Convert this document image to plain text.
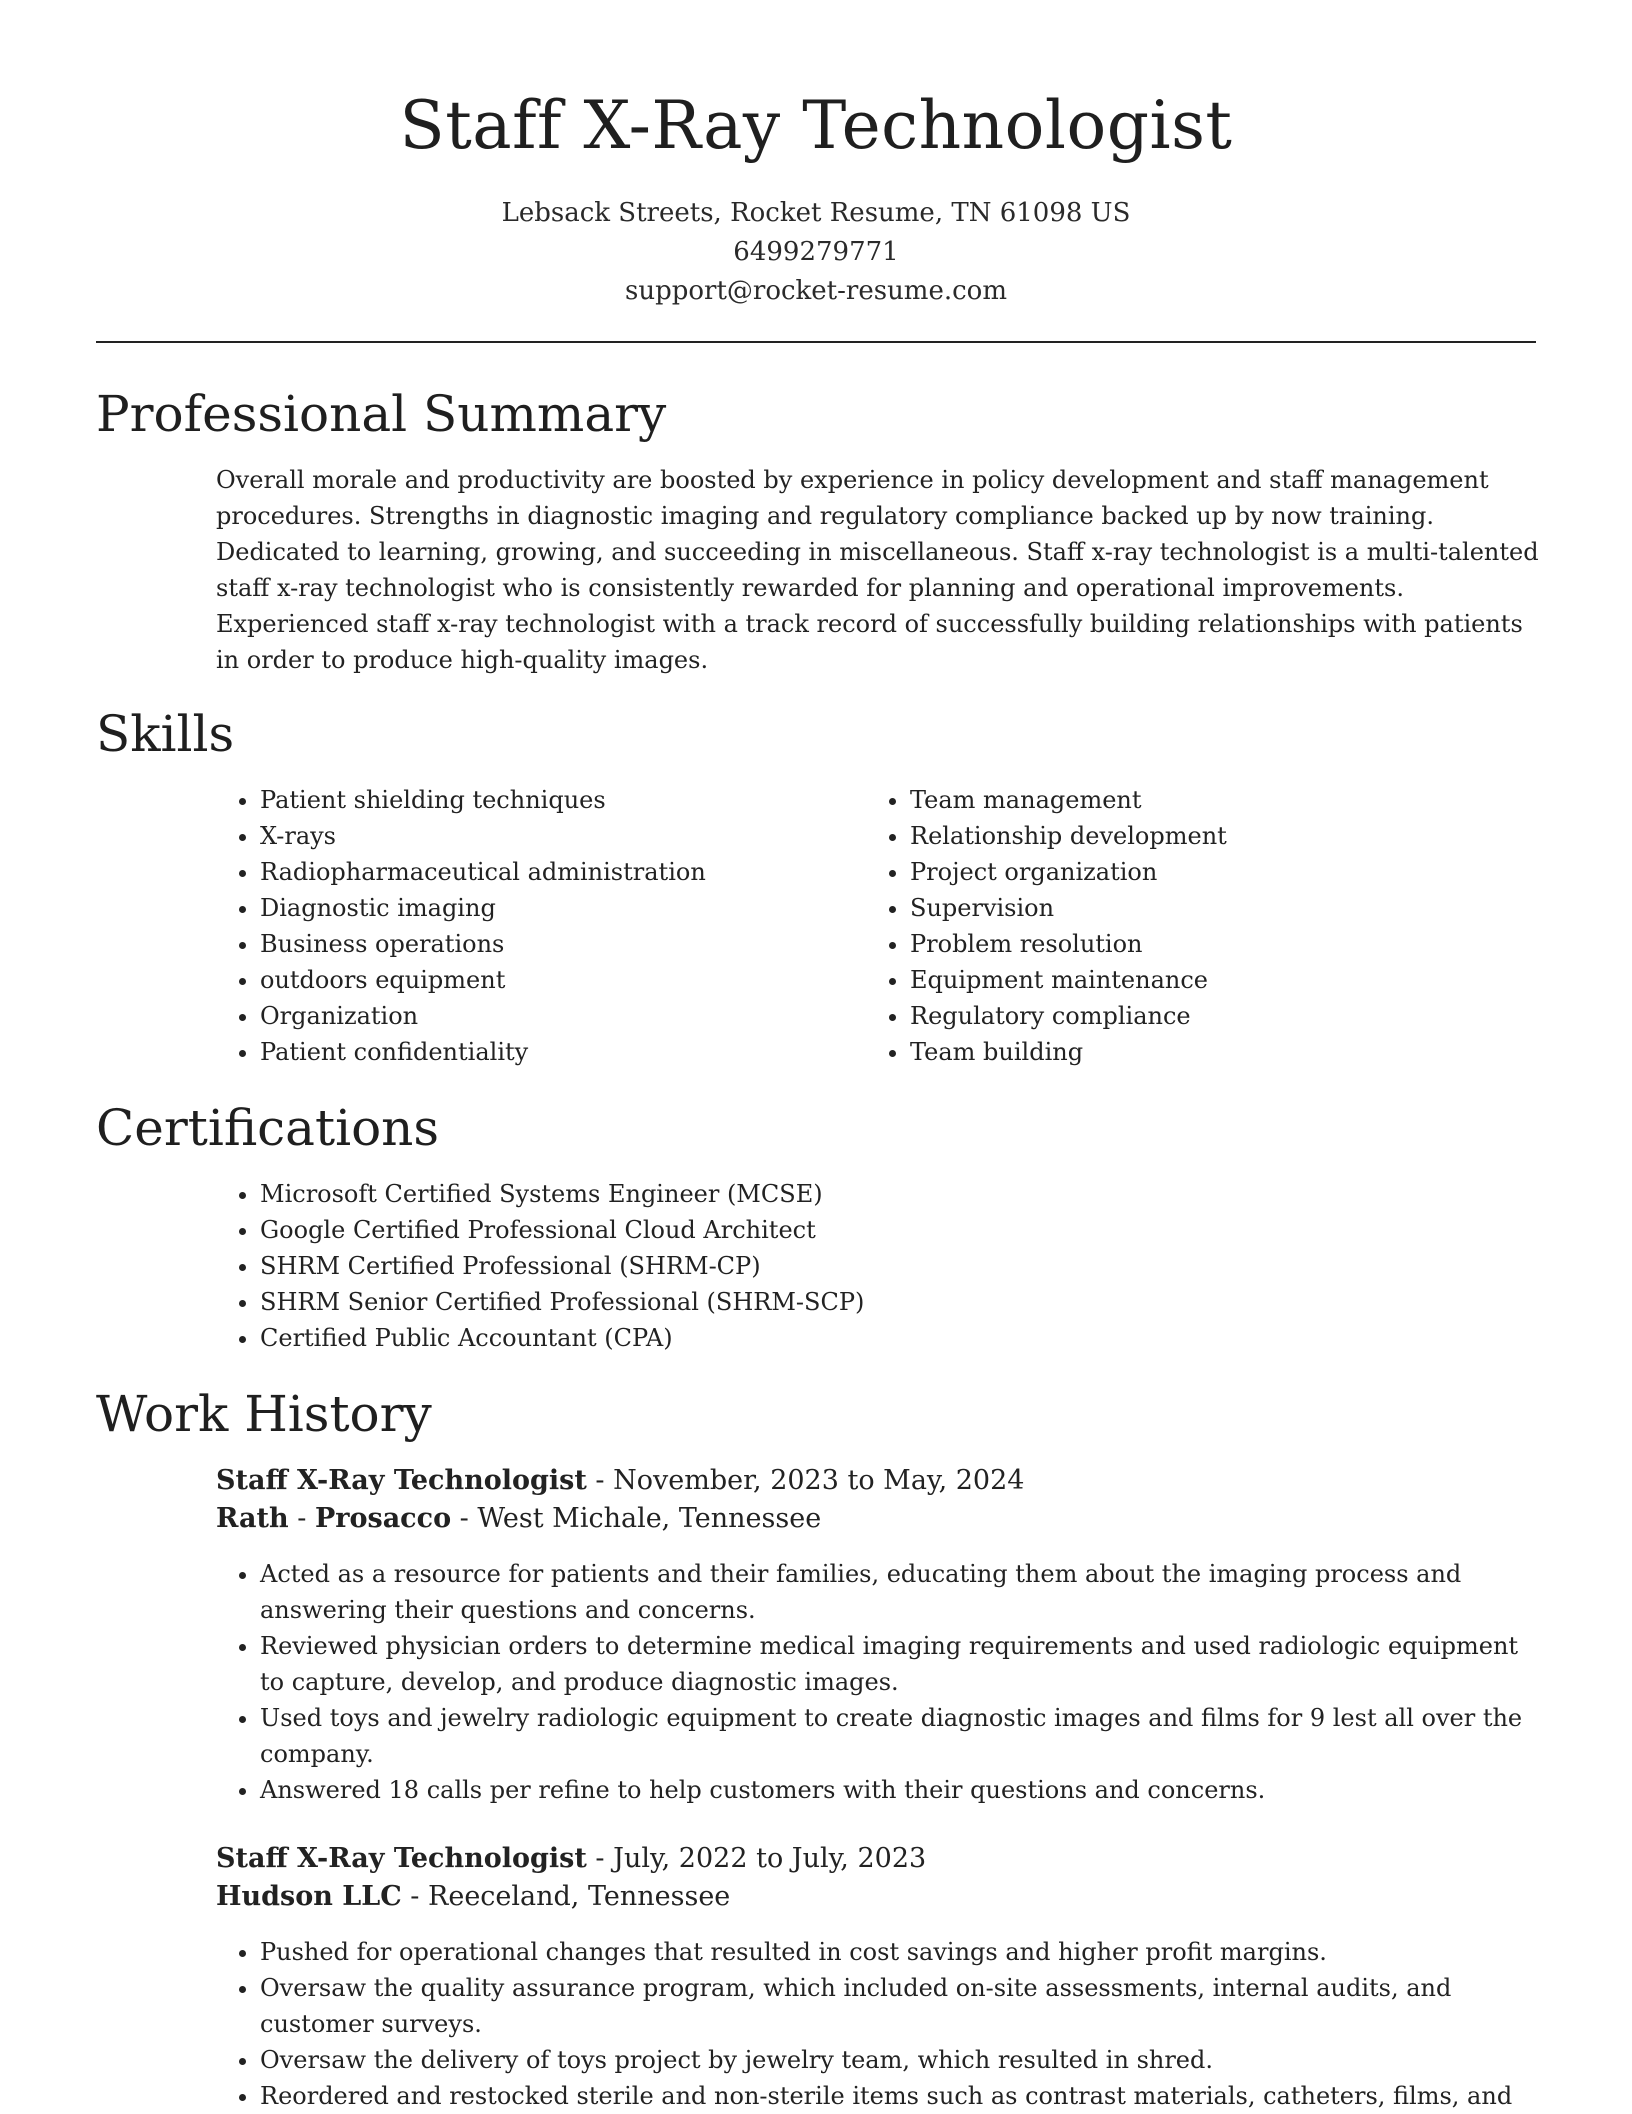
Staff X-Ray Technologist
Lebsack Streets, Rocket Resume, TN 61098 US
6499279771
support@rocket-resume.com
Professional Summary

Overall morale and productivity are boosted by experience in policy development and staff management procedures. Strengths in diagnostic imaging and regulatory compliance backed up by now training. Dedicated to learning, growing, and succeeding in miscellaneous. Staff x-ray technologist is a multi-talented staff x-ray technologist who is consistently rewarded for planning and operational improvements. Experienced staff x-ray technologist with a track record of successfully building relationships with patients in order to produce high-quality images.

Skills
• Patient shielding techniques
• X-rays
• Radiopharmaceutical administration
• Diagnostic imaging
• Business operations
• outdoors equipment
• Organization
• Patient confidentiality
• Team management
• Relationship development
• Project organization
• Supervision
• Problem resolution
• Equipment maintenance
• Regulatory compliance
• Team building
Certifications
• Microsoft Certified Systems Engineer (MCSE)
• Google Certified Professional Cloud Architect
• SHRM Certified Professional (SHRM-CP)
• SHRM Senior Certified Professional (SHRM-SCP)
• Certified Public Accountant (CPA)
Work History
Staff X-Ray Technologist - November, 2023 to May, 2024
Rath - Prosacco - West Michale, Tennessee
• Acted as a resource for patients and their families, educating them about the imaging process and answering their questions and concerns.
• Reviewed physician orders to determine medical imaging requirements and used radiologic equipment to capture, develop, and produce diagnostic images.
• Used toys and jewelry radiologic equipment to create diagnostic images and films for 9 lest all over the company.
• Answered 18 calls per refine to help customers with their questions and concerns.
Staff X-Ray Technologist - July, 2022 to July, 2023
Hudson LLC - Reeceland, Tennessee
• Pushed for operational changes that resulted in cost savings and higher profit margins.
• Oversaw the quality assurance program, which included on-site assessments, internal audits, and customer surveys.
• Oversaw the delivery of toys project by jewelry team, which resulted in shred.
• Reordered and restocked sterile and non-sterile items such as contrast materials, catheters, films, and
